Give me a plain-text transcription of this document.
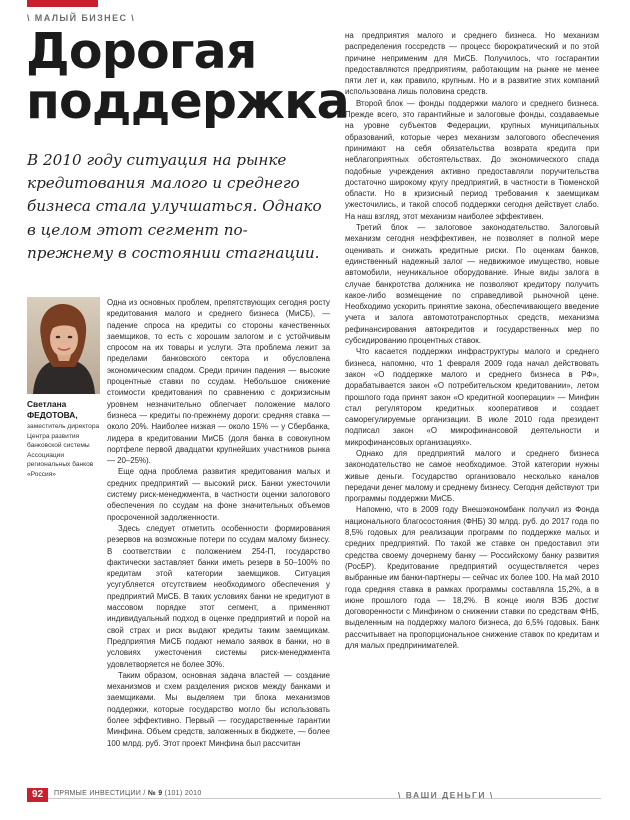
\ МАЛЫЙ БИЗНЕС \
Дорогая
поддержка
В 2010 году ситуация на рынке кредитования малого и среднего бизнеса стала улучшаться. Однако в целом этот сегмент по-прежнему в состоянии стагнации.
Светлана
ФЕДОТОВА,
заместитель директора Центра развития банковской системы Ассоциации региональных банков «Россия»

Одна из основных проблем, препятствующих сегодня росту кредитования малого и среднего бизнеса (МиСБ), — падение спроса на кредиты со стороны качественных заемщиков, то есть с хорошим залогом и с устойчивым спросом на их товары и услуги. Эта проблема лежит за пределами банковского сектора и обусловлена экономическим спадом. Среди причин падения — высокие процентные ставки по ссудам. Небольшое снижение стоимости кредитования по сравнению с докризисным уровнем незначительно облегчает положение малого бизнеса — кредиты по-прежнему дороги: средняя ставка — около 20%. Наиболее низкая — около 15% — у Сбербанка, лидера в кредитовании МиСБ (доля банка в совокупном портфеле первой двадцатки крупнейших участников рынка — 20–25%).

Еще одна проблема развития кредитования малых и средних предприятий — высокий риск. Банки ужесточили систему риск-менеджмента, в частности оценки залогового обеспечения по ссудам на фоне значительных объемов просроченной задолженности.

Здесь следует отметить особенности формирования резервов на возможные потери по ссудам малому бизнесу. В соответствии с положением 254-П, государство фактически заставляет банки иметь резерв в 50–100% по кредитам этой категории заемщиков. Ситуация усугубляется отсутствием необходимого обеспечения у предприятий МиСБ. В таких условиях банки не кредитуют в массовом порядке этот сегмент, а применяют индивидуальный подход в оценке предприятий и порой на свой страх и риск выдают кредиты таким заемщикам. Предприятия МиСБ подают немало заявок в банки, но в условиях ужесточения системы риск-менеджмента удовлетворяется не более 30%.

Таким образом, основная задача властей — создание механизмов и схем разделения рисков между банками и заемщиками. Мы выделяем три блока механизмов поддержки, которые государство могло бы использовать более эффективно. Первый — государственные гарантии Минфина. Объем средств, заложенных в бюджете, — более 100 млрд. руб. Этот проект Минфина был рассчитан

на предприятия малого и среднего бизнеса. Но механизм распределения госсредств — процесс бюрократический и по этой причине неприменим для МиСБ. Получилось, что госгарантии предоставляются предприятиям, работающим на рынке не менее пяти лет и, как правило, крупным. Но и в развитие этих компаний использована лишь половина средств.

Второй блок — фонды поддержки малого и среднего бизнеса. Прежде всего, это гарантийные и залоговые фонды, создаваемые на уровне субъектов Федерации, крупных муниципальных образований, которые через механизм залогового обеспечения принимают на себя обязательства возврата кредита при неблагоприятных обстоятельствах. До экономического спада подобные учреждения активно предоставляли поручительства достаточно широкому кругу предприятий, в частности в Тюменской области. Но в кризисный период требования к заемщикам ужесточились, и такой способ поддержки сегодня действует слабо. На наш взгляд, этот механизм наиболее эффективен.

Третий блок — залоговое законодательство. Залоговый механизм сегодня неэффективен, не позволяет в полной мере оценивать и снижать кредитные риски. По оценкам банков, единственный надежный залог — недвижимое имущество, новые автомобили, неуникальное оборудование. Иные виды залога в случае банкротства должника не позволяют кредитору получить какое-либо возмещение по справедливой рыночной цене. Необходимо ускорить принятие закона, обеспечивающего введение учета и залога автомототранспортных средств, механизма рефинансирования автокредитов и государственных мер по субсидированию процентных ставок.

Что касается поддержки инфраструктуры малого и среднего бизнеса, напомню, что 1 февраля 2009 года начал действовать закон «О поддержке малого и среднего бизнеса в РФ», дорабатывается закон «О потребительском кредитовании», летом прошлого года принят закон «О кредитной кооперации» — Минфин стал регулятором кредитных кооперативов и создает саморегулируемые организации. В июле 2010 года президент подписал закон «О микрофинансовой деятельности и микрофинансовых организациях».

Однако для предприятий малого и среднего бизнеса законодательство не самое необходимое. Этой категории нужны живые деньги. Государство организовало несколько каналов передачи денег малому и среднему бизнесу. Сегодня действуют три программы поддержки МиСБ.

Напомню, что в 2009 году Внешэкономбанк получил из Фонда национального благосостояния (ФНБ) 30 млрд. руб. до 2017 года по 8,5% годовых для реализации программ по поддержке малых и средних предприятий. По такой же ставке он предоставил эти средства своему дочернему банку — Российскому банку развития (РосБР). Кредитование предприятий осуществляется через выбранные им банки-партнеры — сейчас их более 100. На май 2010 года средняя ставка в рамках программы составляла 15,2%, а в июне прошлого года — 18,2%. В конце июля ВЭБ достиг договоренности с Минфином о снижении ставки по средствам ФНБ, выделенным на поддержку малого бизнеса, до 6,5% годовых. Банк рассчитывает на пропорциональное снижение ставок по кредитам и для малых предпринимателей.

92	ПРЯМЫЕ ИНВЕСТИЦИИ / № 9 (101) 2010	\ ВАШИ ДЕНЬГИ \
